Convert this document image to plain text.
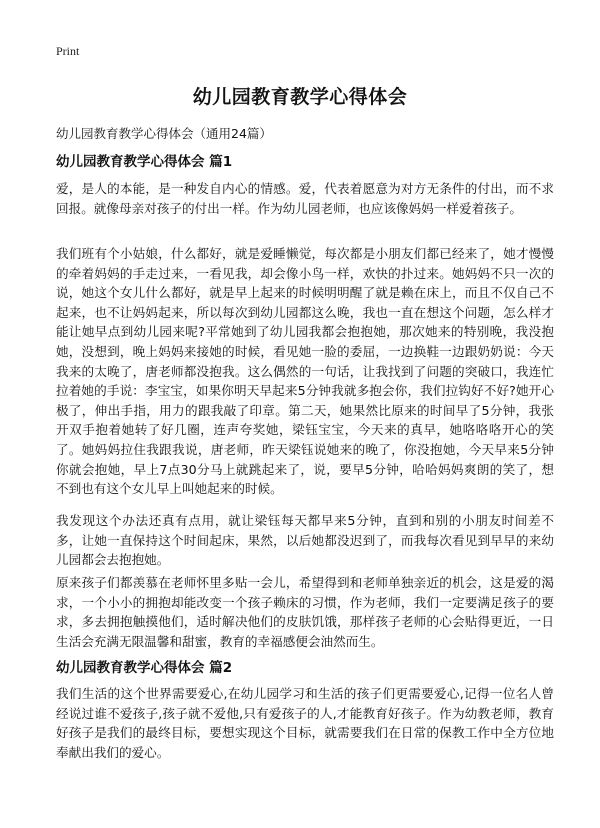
Print
幼儿园教育教学心得体会
幼儿园教育教学心得体会（通用24篇）
幼儿园教育教学心得体会 篇1

爱，是人的本能，是一种发自内心的情感。爱，代表着愿意为对方无条件的付出，而不求回报。就像母亲对孩子的付出一样。作为幼儿园老师，也应该像妈妈一样爱着孩子。

我们班有个小姑娘，什么都好，就是爱睡懒觉，每次都是小朋友们都已经来了，她才慢慢的牵着妈妈的手走过来，一看见我，却会像小鸟一样，欢快的扑过来。她妈妈不只一次的说，她这个女儿什么都好，就是早上起来的时候明明醒了就是赖在床上，而且不仅自己不起来，也不让妈妈起来，所以每次到幼儿园都这么晚，我也一直在想这个问题，怎么样才能让她早点到幼儿园来呢?平常她到了幼儿园我都会抱抱她，那次她来的特别晚，我没抱她，没想到，晚上妈妈来接她的时候，看见她一脸的委屈，一边换鞋一边跟奶奶说：今天我来的太晚了，唐老师都没抱我。这么偶然的一句话，让我找到了问题的突破口，我连忙拉着她的手说：李宝宝，如果你明天早起来5分钟我就多抱会你，我们拉钩好不好?她开心极了，伸出手指，用力的跟我敲了印章。第二天，她果然比原来的时间早了5分钟，我张开双手抱着她转了好几圈，连声夸奖她，梁钰宝宝，今天来的真早，她咯咯咯开心的笑了。她妈妈拉住我跟我说，唐老师，昨天梁钰说她来的晚了，你没抱她，今天早来5分钟你就会抱她，早上7点30分马上就跳起来了，说，要早5分钟，哈哈妈妈爽朗的笑了，想不到也有这个女儿早上叫她起来的时候。

我发现这个办法还真有点用，就让梁钰每天都早来5分钟，直到和别的小朋友时间差不多，让她一直保持这个时间起床，果然，以后她都没迟到了，而我每次看见到早早的来幼儿园都会去抱抱她。

原来孩子们都羡慕在老师怀里多贴一会儿，希望得到和老师单独亲近的机会，这是爱的渴求，一个小小的拥抱却能改变一个孩子赖床的习惯，作为老师，我们一定要满足孩子的要求，多去拥抱触摸他们，适时解决他们的皮肤饥饿，那样孩子老师的心会贴得更近，一日生活会充满无限温馨和甜蜜，教育的幸福感便会油然而生。

幼儿园教育教学心得体会 篇2

我们生活的这个世界需要爱心,在幼儿园学习和生活的孩子们更需要爱心,记得一位名人曾经说过谁不爱孩子,孩子就不爱他,只有爱孩子的人,才能教育好孩子。作为幼教老师，教育好孩子是我们的最终目标，要想实现这个目标，就需要我们在日常的保教工作中全方位地奉献出我们的爱心。
